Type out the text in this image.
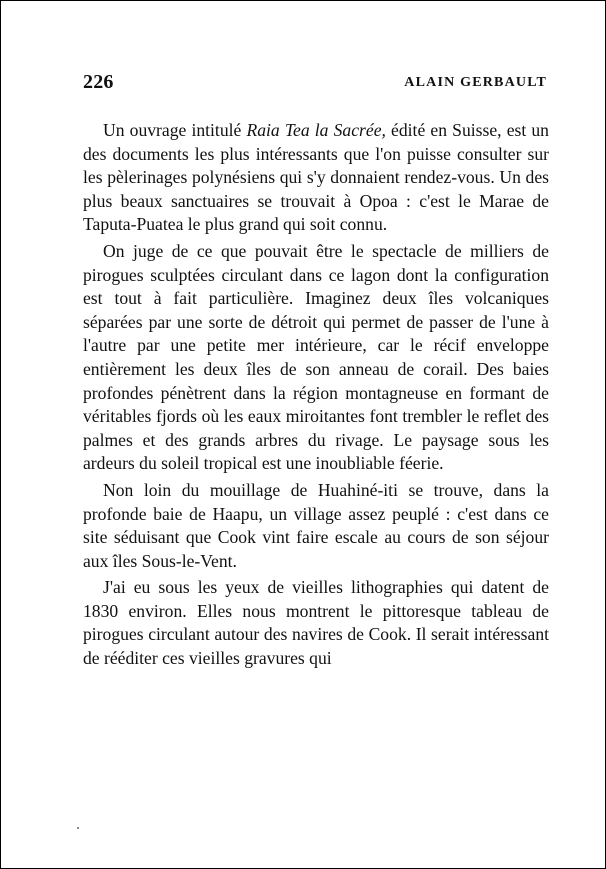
226	ALAIN GERBAULT

Un ouvrage intitulé Raia Tea la Sacrée, édité en Suisse, est un des documents les plus intéressants que l'on puisse consulter sur les pèlerinages polynésiens qui s'y donnaient rendez-vous. Un des plus beaux sanctuaires se trouvait à Opoa : c'est le Marae de Taputa-Puatea le plus grand qui soit connu.

On juge de ce que pouvait être le spectacle de milliers de pirogues sculptées circulant dans ce lagon dont la configuration est tout à fait particulière. Imaginez deux îles volcaniques séparées par une sorte de détroit qui permet de passer de l'une à l'autre par une petite mer intérieure, car le récif enveloppe entièrement les deux îles de son anneau de corail. Des baies profondes pénètrent dans la région montagneuse en formant de véritables fjords où les eaux miroitantes font trembler le reflet des palmes et des grands arbres du rivage. Le paysage sous les ardeurs du soleil tropical est une inoubliable féerie.

Non loin du mouillage de Huahiné-iti se trouve, dans la profonde baie de Haapu, un village assez peuplé : c'est dans ce site séduisant que Cook vint faire escale au cours de son séjour aux îles Sous-le-Vent.

J'ai eu sous les yeux de vieilles lithographies qui datent de 1830 environ. Elles nous montrent le pittoresque tableau de pirogues circulant autour des navires de Cook. Il serait intéressant de rééditer ces vieilles gravures qui
